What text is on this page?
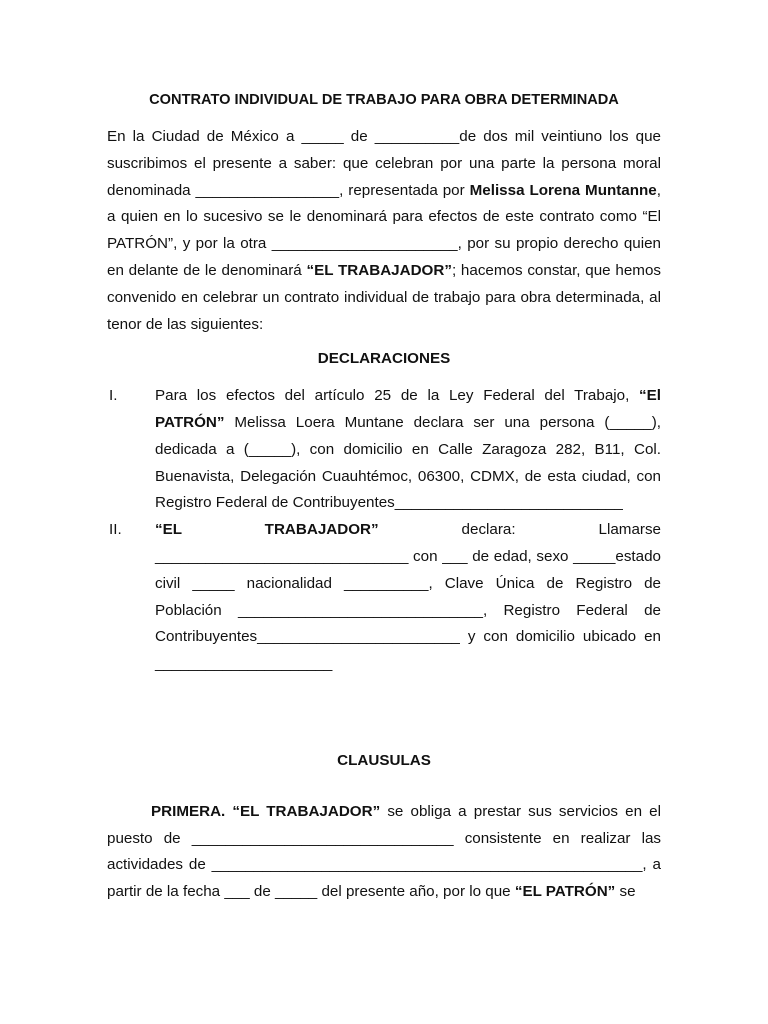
CONTRATO INDIVIDUAL DE TRABAJO PARA OBRA DETERMINADA

En la Ciudad de México a _____ de __________de dos mil veintiuno los que suscribimos el presente a saber: que celebran por una parte la persona moral denominada _________________, representada por Melissa Lorena Muntanne, a quien en lo sucesivo se le denominará para efectos de este contrato como “El PATRÓN”, y por la otra ______________________, por su propio derecho quien en delante de le denominará “EL TRABAJADOR”; hacemos constar, que hemos convenido en celebrar un contrato individual de trabajo para obra determinada, al tenor de las siguientes:

DECLARACIONES

I. Para los efectos del artículo 25 de la Ley Federal del Trabajo, “El PATRÓN” Melissa Loera Muntane declara ser una persona (_____), dedicada a (_____), con domicilio en Calle Zaragoza 282, B11, Col. Buenavista, Delegación Cuauhtémoc, 06300, CDMX, de esta ciudad, con Registro Federal de Contribuyentes___________________________
II. “EL TRABAJADOR” declara: Llamarse ______________________________ con ___ de edad, sexo _____estado civil _____ nacionalidad __________, Clave Única de Registro de Población _____________________________, Registro Federal de Contribuyentes________________________ y con domicilio ubicado en _____________________

CLAUSULAS

PRIMERA. “EL TRABAJADOR” se obliga a prestar sus servicios en el puesto de _______________________________ consistente en realizar las actividades de ___________________________________________________, a partir de la fecha ___ de _____ del presente año, por lo que “EL PATRÓN” se
